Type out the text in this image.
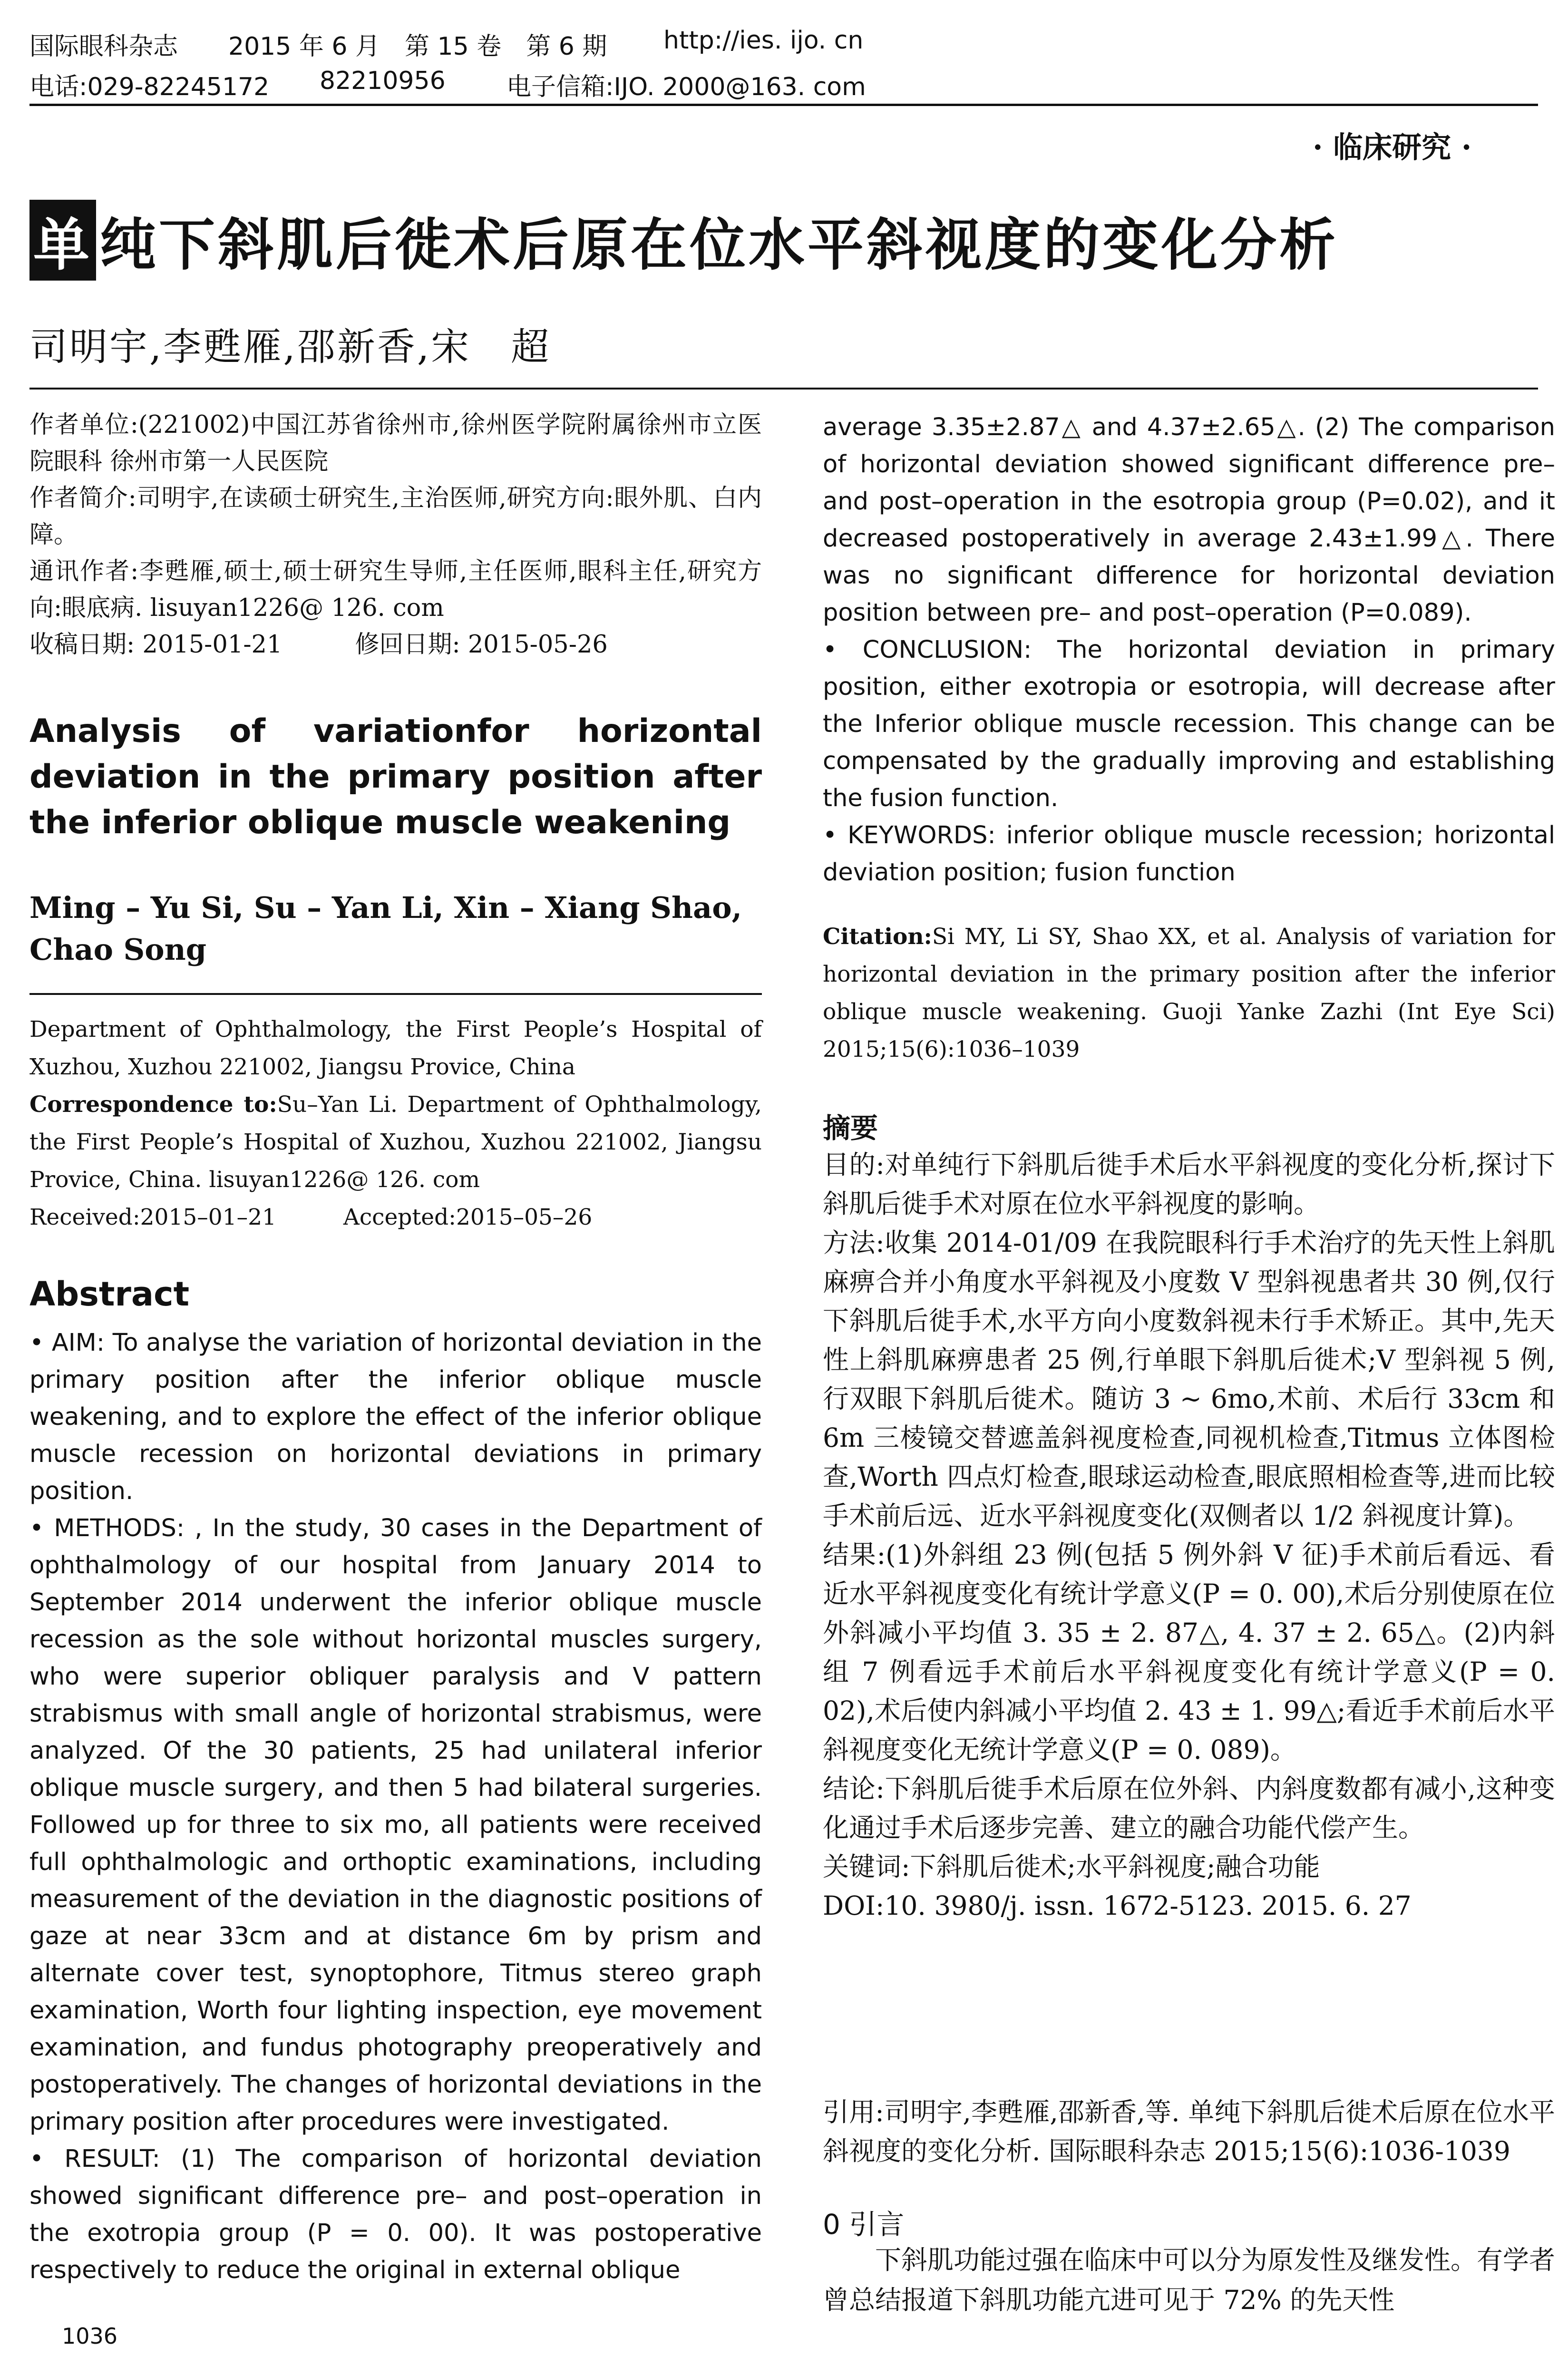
国际眼科杂志 2015 年 6 月　第 15 卷　第 6 期 http://ies. ijo. cn
电话:029-82245172 82210956 电子信箱:IJO. 2000@163. com
· 临床研究 ·
单 纯下斜肌后徙术后原在位水平斜视度的变化分析
司明宇,李甦雁,邵新香,宋　超

作者单位:(221002)中国江苏省徐州市,徐州医学院附属徐州市立医院眼科 徐州市第一人民医院

作者简介:司明宇,在读硕士研究生,主治医师,研究方向:眼外肌、白内障。

通讯作者:李甦雁,硕士,硕士研究生导师,主任医师,眼科主任,研究方向:眼底病. lisuyan1226@ 126. com

收稿日期: 2015-01-21　　　修回日期: 2015-05-26

Analysis of variationfor horizontal deviation in the primary position after the inferior oblique muscle weakening
Ming – Yu Si, Su – Yan Li, Xin – Xiang Shao, Chao Song

Department of Ophthalmology, the First People’s Hospital of Xuzhou, Xuzhou 221002, Jiangsu Provice, China

Correspondence to:Su–Yan Li. Department of Ophthalmology, the First People’s Hospital of Xuzhou, Xuzhou 221002, Jiangsu Provice, China. lisuyan1226@ 126. com

Received:2015–01–21　　　Accepted:2015–05–26

Abstract

• AIM: To analyse the variation of horizontal deviation in the primary position after the inferior oblique muscle weakening, and to explore the effect of the inferior oblique muscle recession on horizontal deviations in primary position.

• METHODS: , In the study, 30 cases in the Department of ophthalmology of our hospital from January 2014 to September 2014 underwent the inferior oblique muscle recession as the sole without horizontal muscles surgery, who were superior obliquer paralysis and V pattern strabismus with small angle of horizontal strabismus, were analyzed. Of the 30 patients, 25 had unilateral inferior oblique muscle surgery, and then 5 had bilateral surgeries. Followed up for three to six mo, all patients were received full ophthalmologic and orthoptic examinations, including measurement of the deviation in the diagnostic positions of gaze at near 33cm and at distance 6m by prism and alternate cover test, synoptophore, Titmus stereo graph examination, Worth four lighting inspection, eye movement examination, and fundus photography preoperatively and postoperatively. The changes of horizontal deviations in the primary position after procedures were investigated.

• RESULT: (1) The comparison of horizontal deviation showed significant difference pre– and post–operation in the exotropia group (P = 0. 00). It was postoperative respectively to reduce the original in external oblique

1036

average 3.35±2.87△ and 4.37±2.65△. (2) The comparison of horizontal deviation showed significant difference pre– and post–operation in the esotropia group (P=0.02), and it decreased postoperatively in average 2.43±1.99△. There was no significant difference for horizontal deviation position between pre– and post–operation (P=0.089).

• CONCLUSION: The horizontal deviation in primary position, either exotropia or esotropia, will decrease after the Inferior oblique muscle recession. This change can be compensated by the gradually improving and establishing the fusion function.

• KEYWORDS: inferior oblique muscle recession; horizontal deviation position; fusion function

Citation:Si MY, Li SY, Shao XX, et al. Analysis of variation for horizontal deviation in the primary position after the inferior oblique muscle weakening. Guoji Yanke Zazhi (Int Eye Sci) 2015;15(6):1036–1039

摘要

目的:对单纯行下斜肌后徙手术后水平斜视度的变化分析,探讨下斜肌后徙手术对原在位水平斜视度的影响。

方法:收集 2014-01/09 在我院眼科行手术治疗的先天性上斜肌麻痹合并小角度水平斜视及小度数 V 型斜视患者共 30 例,仅行下斜肌后徙手术,水平方向小度数斜视未行手术矫正。其中,先天性上斜肌麻痹患者 25 例,行单眼下斜肌后徙术;V 型斜视 5 例,行双眼下斜肌后徙术。随访 3 ~ 6mo,术前、术后行 33cm 和 6m 三棱镜交替遮盖斜视度检查,同视机检查,Titmus 立体图检查,Worth 四点灯检查,眼球运动检查,眼底照相检查等,进而比较手术前后远、近水平斜视度变化(双侧者以 1/2 斜视度计算)。

结果:(1)外斜组 23 例(包括 5 例外斜 V 征)手术前后看远、看近水平斜视度变化有统计学意义(P = 0. 00),术后分别使原在位外斜减小平均值 3. 35 ± 2. 87△, 4. 37 ± 2. 65△。(2)内斜组 7 例看远手术前后水平斜视度变化有统计学意义(P = 0. 02),术后使内斜减小平均值 2. 43 ± 1. 99△;看近手术前后水平斜视度变化无统计学意义(P = 0. 089)。

结论:下斜肌后徙手术后原在位外斜、内斜度数都有减小,这种变化通过手术后逐步完善、建立的融合功能代偿产生。

关键词:下斜肌后徙术;水平斜视度;融合功能

DOI:10. 3980/j. issn. 1672-5123. 2015. 6. 27

引用:司明宇,李甦雁,邵新香,等. 单纯下斜肌后徙术后原在位水平斜视度的变化分析. 国际眼科杂志 2015;15(6):1036-1039
0 引言
下斜肌功能过强在临床中可以分为原发性及继发性。有学者曾总结报道下斜肌功能亢进可见于 72% 的先天性
